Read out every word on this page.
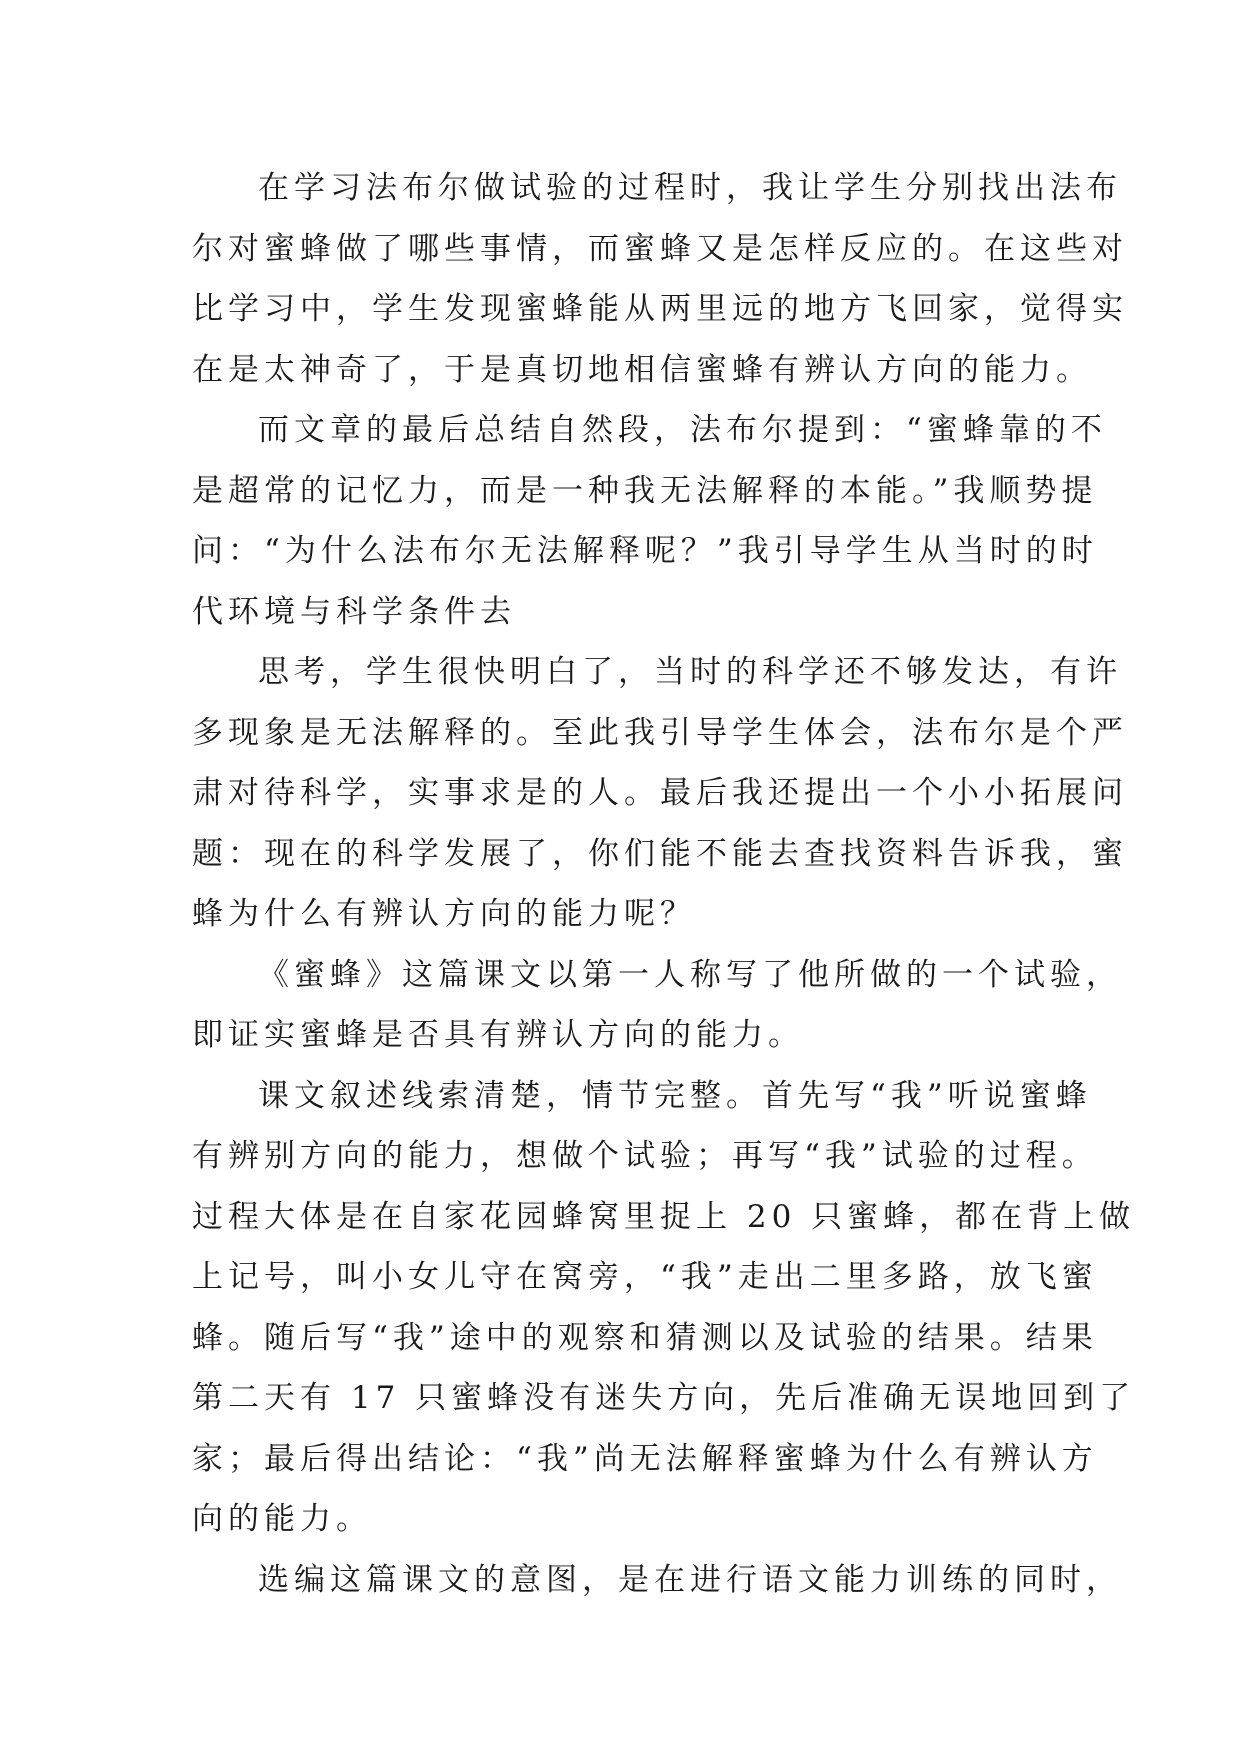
在学习法布尔做试验的过程时，我让学生分别找出法布
尔对蜜蜂做了哪些事情，而蜜蜂又是怎样反应的。在这些对
比学习中，学生发现蜜蜂能从两里远的地方飞回家，觉得实
在是太神奇了，于是真切地相信蜜蜂有辨认方向的能力。

而文章的最后总结自然段，法布尔提到：“蜜蜂靠的不
是超常的记忆力，而是一种我无法解释的本能。”我顺势提
问：“为什么法布尔无法解释呢？”我引导学生从当时的时
代环境与科学条件去

思考，学生很快明白了，当时的科学还不够发达，有许
多现象是无法解释的。至此我引导学生体会，法布尔是个严
肃对待科学，实事求是的人。最后我还提出一个小小拓展问
题：现在的科学发展了，你们能不能去查找资料告诉我，蜜
蜂为什么有辨认方向的能力呢？

《蜜蜂》这篇课文以第一人称写了他所做的一个试验，
即证实蜜蜂是否具有辨认方向的能力。

课文叙述线索清楚，情节完整。首先写“我”听说蜜蜂
有辨别方向的能力，想做个试验；再写“我”试验的过程。
过程大体是在自家花园蜂窝里捉上 20 只蜜蜂，都在背上做
上记号，叫小女儿守在窝旁，“我”走出二里多路，放飞蜜
蜂。随后写“我”途中的观察和猜测以及试验的结果。结果
第二天有 17 只蜜蜂没有迷失方向，先后准确无误地回到了
家；最后得出结论：“我”尚无法解释蜜蜂为什么有辨认方
向的能力。

选编这篇课文的意图，是在进行语文能力训练的同时，
